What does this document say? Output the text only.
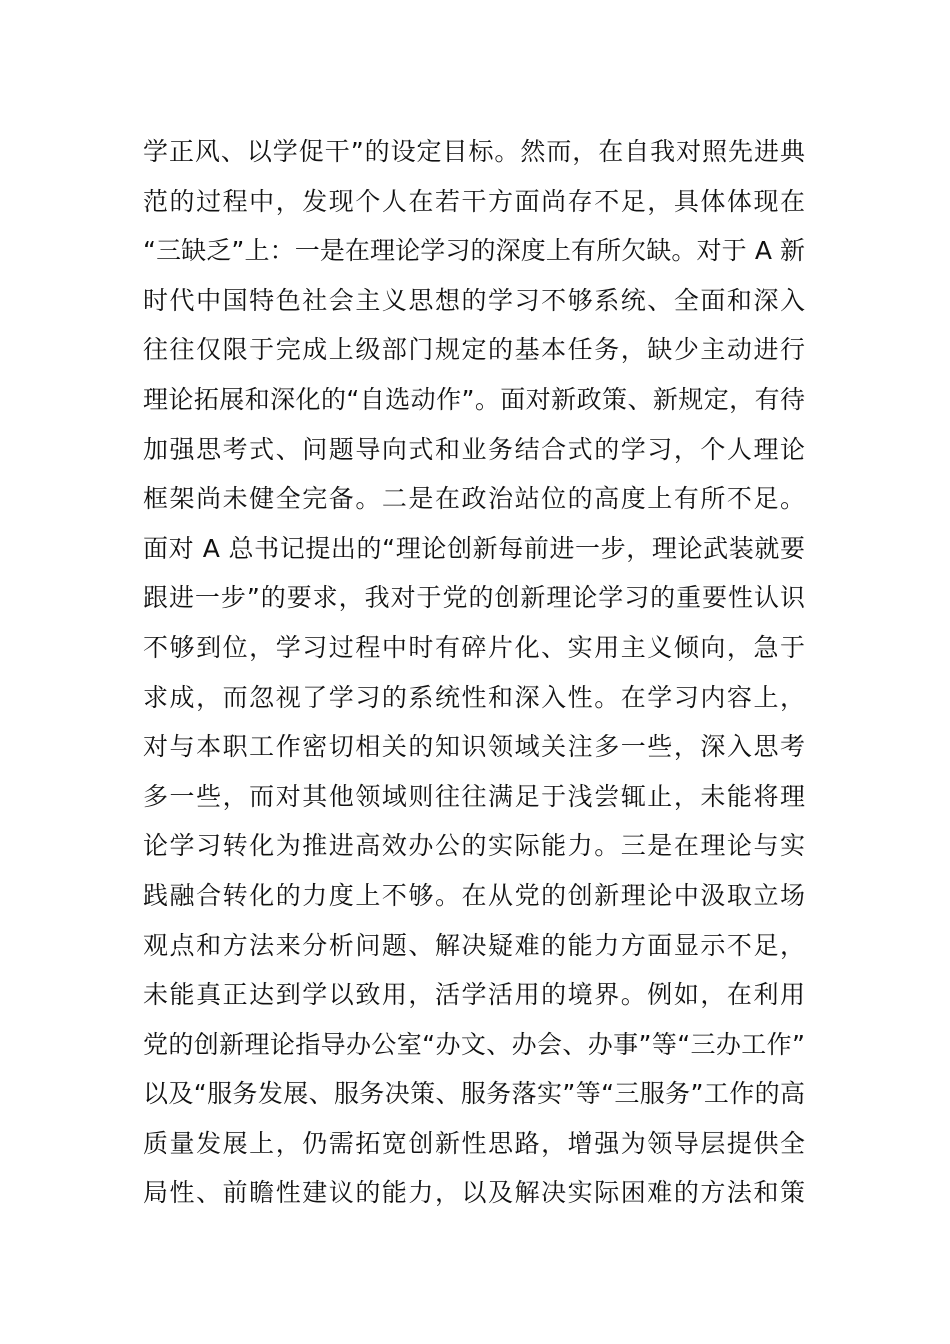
学正风、以学促干”的设定目标。然而，在自我对照先进典
范的过程中，发现个人在若干方面尚存不足，具体体现在
“三缺乏”上：一是在理论学习的深度上有所欠缺。对于 A 新
时代中国特色社会主义思想的学习不够系统、全面和深入
往往仅限于完成上级部门规定的基本任务，缺少主动进行
理论拓展和深化的“自选动作”。面对新政策、新规定，有待
加强思考式、问题导向式和业务结合式的学习，个人理论
框架尚未健全完备。二是在政治站位的高度上有所不足。
面对 A 总书记提出的“理论创新每前进一步，理论武装就要
跟进一步”的要求，我对于党的创新理论学习的重要性认识
不够到位，学习过程中时有碎片化、实用主义倾向，急于
求成，而忽视了学习的系统性和深入性。在学习内容上，
对与本职工作密切相关的知识领域关注多一些，深入思考
多一些，而对其他领域则往往满足于浅尝辄止，未能将理
论学习转化为推进高效办公的实际能力。三是在理论与实
践融合转化的力度上不够。在从党的创新理论中汲取立场
观点和方法来分析问题、解决疑难的能力方面显示不足，
未能真正达到学以致用，活学活用的境界。例如，在利用
党的创新理论指导办公室“办文、办会、办事”等“三办工作”
以及“服务发展、服务决策、服务落实”等“三服务”工作的高
质量发展上，仍需拓宽创新性思路，增强为领导层提供全
局性、前瞻性建议的能力，以及解决实际困难的方法和策
